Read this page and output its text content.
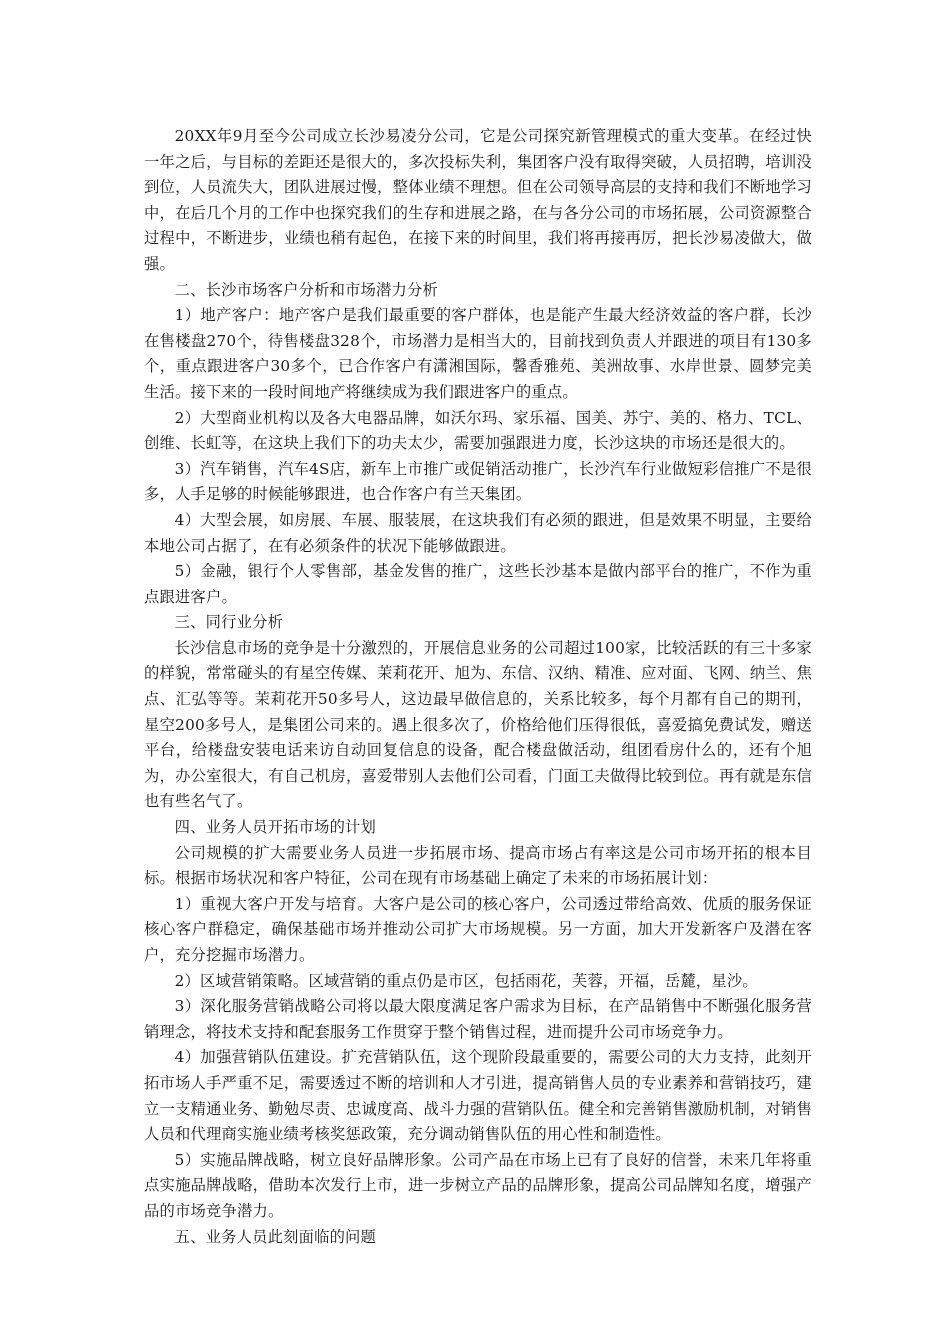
20XX年9月至今公司成立长沙易凌分公司，它是公司探究新管理模式的重大变革。在经过快一年之后，与目标的差距还是很大的，多次投标失利，集团客户没有取得突破，人员招聘，培训没到位，人员流失大，团队进展过慢，整体业绩不理想。但在公司领导高层的支持和我们不断地学习中，在后几个月的工作中也探究我们的生存和进展之路，在与各分公司的市场拓展，公司资源整合过程中，不断进步，业绩也稍有起色，在接下来的时间里，我们将再接再厉，把长沙易凌做大，做强。

二、长沙市场客户分析和市场潜力分析

1）地产客户：地产客户是我们最重要的客户群体，也是能产生最大经济效益的客户群，长沙在售楼盘270个，待售楼盘328个，市场潜力是相当大的，目前找到负责人并跟进的项目有130多个，重点跟进客户30多个，已合作客户有潇湘国际，馨香雅苑、美洲故事、水岸世景、圆梦完美生活。接下来的一段时间地产将继续成为我们跟进客户的重点。

2）大型商业机构以及各大电器品牌，如沃尔玛、家乐福、国美、苏宁、美的、格力、TCL、创维、长虹等，在这块上我们下的功夫太少，需要加强跟进力度，长沙这块的市场还是很大的。

3）汽车销售，汽车4S店，新车上市推广或促销活动推广，长沙汽车行业做短彩信推广不是很多，人手足够的时候能够跟进，也合作客户有兰天集团。

4）大型会展，如房展、车展、服装展，在这块我们有必须的跟进，但是效果不明显，主要给本地公司占据了，在有必须条件的状况下能够做跟进。

5）金融，银行个人零售部，基金发售的推广，这些长沙基本是做内部平台的推广，不作为重点跟进客户。

三、同行业分析

长沙信息市场的竞争是十分激烈的，开展信息业务的公司超过100家，比较活跃的有三十多家的样貌，常常碰头的有星空传媒、茉莉花开、旭为、东信、汉纳、精准、应对面、飞网、纳兰、焦点、汇弘等等。茉莉花开50多号人，这边最早做信息的，关系比较多，每个月都有自己的期刊，星空200多号人，是集团公司来的。遇上很多次了，价格给他们压得很低，喜爱搞免费试发，赠送平台，给楼盘安装电话来访自动回复信息的设备，配合楼盘做活动，组团看房什么的，还有个旭为，办公室很大，有自己机房，喜爱带别人去他们公司看，门面工夫做得比较到位。再有就是东信也有些名气了。

四、业务人员开拓市场的计划

公司规模的扩大需要业务人员进一步拓展市场、提高市场占有率这是公司市场开拓的根本目标。根据市场状况和客户特征，公司在现有市场基础上确定了未来的市场拓展计划：

1）重视大客户开发与培育。大客户是公司的核心客户，公司透过带给高效、优质的服务保证核心客户群稳定，确保基础市场并推动公司扩大市场规模。另一方面，加大开发新客户及潜在客户，充分挖掘市场潜力。

2）区域营销策略。区域营销的重点仍是市区，包括雨花，芙蓉，开福，岳麓，星沙。

3）深化服务营销战略公司将以最大限度满足客户需求为目标，在产品销售中不断强化服务营销理念，将技术支持和配套服务工作贯穿于整个销售过程，进而提升公司市场竞争力。

4）加强营销队伍建设。扩充营销队伍，这个现阶段最重要的，需要公司的大力支持，此刻开拓市场人手严重不足，需要透过不断的培训和人才引进，提高销售人员的专业素养和营销技巧，建立一支精通业务、勤勉尽责、忠诚度高、战斗力强的营销队伍。健全和完善销售激励机制，对销售人员和代理商实施业绩考核奖惩政策，充分调动销售队伍的用心性和制造性。

5）实施品牌战略，树立良好品牌形象。公司产品在市场上已有了良好的信誉，未来几年将重点实施品牌战略，借助本次发行上市，进一步树立产品的品牌形象，提高公司品牌知名度，增强产品的市场竞争潜力。

五、业务人员此刻面临的问题
